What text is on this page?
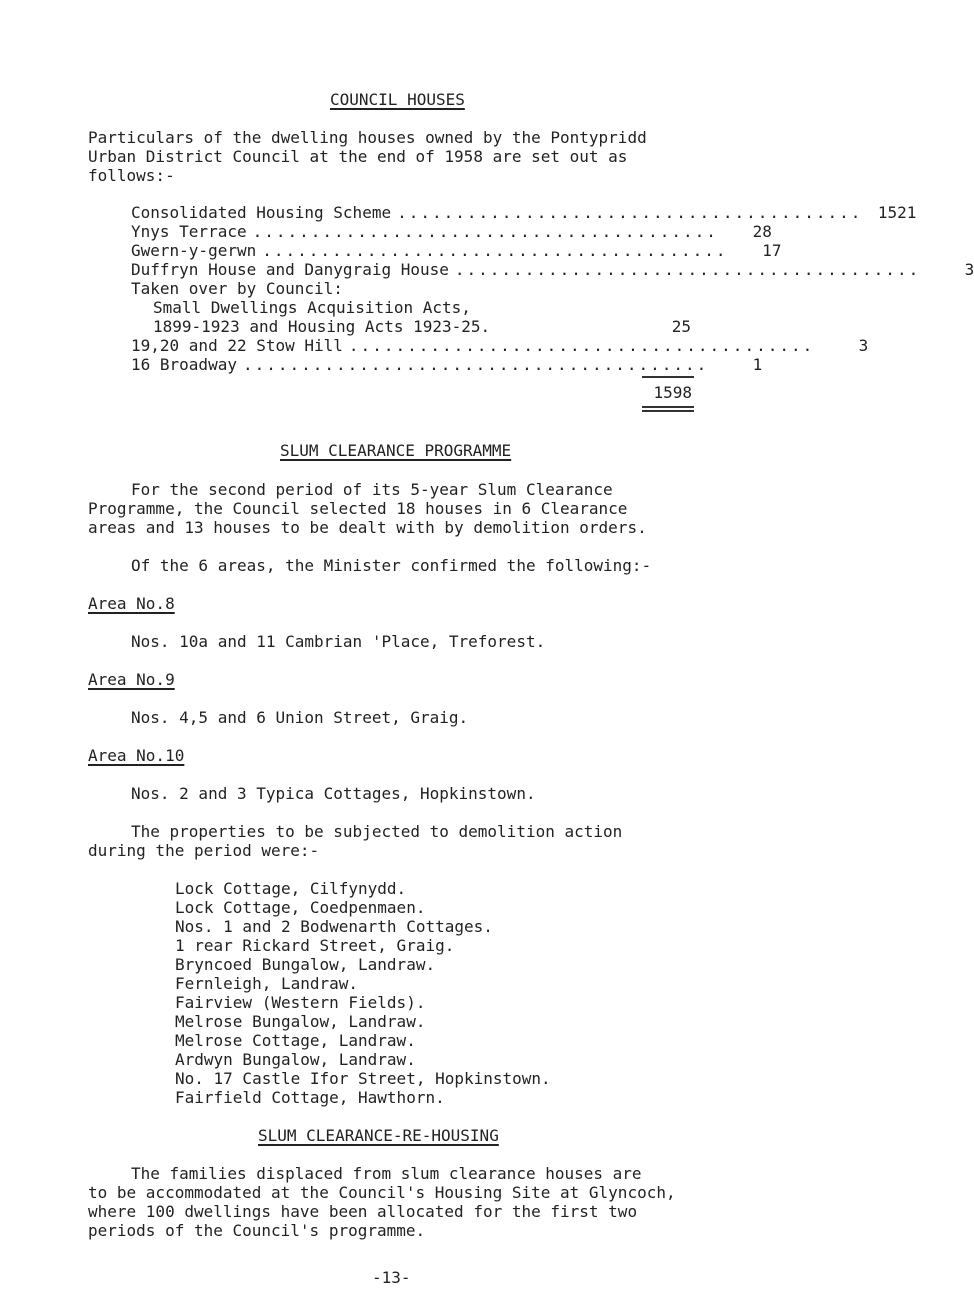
COUNCIL HOUSES
Particulars of the dwelling houses owned by the Pontypridd
Urban District Council at the end of 1958 are set out as
follows:-
Consolidated Housing Scheme ........................................ 1521
Ynys Terrace ........................................	28
Gwern-y-gerwn ........................................	17
Duffryn House and Danygraig House ........................................	3
Taken over by Council:
Small Dwellings Acquisition Acts,
1899-1923 and Housing Acts 1923-25.	25
19,20 and 22 Stow Hill ........................................	3
16 Broadway ........................................	1
1598
SLUM CLEARANCE PROGRAMME
For the second period of its 5-year Slum Clearance
Programme, the Council selected 18 houses in 6 Clearance
areas and 13 houses to be dealt with by demolition orders.
Of the 6 areas, the Minister confirmed the following:-
Area No.8
Nos. 10a and 11 Cambrian 'Place, Treforest.
Area No.9
Nos. 4,5 and 6 Union Street, Graig.
Area No.10
Nos. 2 and 3 Typica Cottages, Hopkinstown.
The properties to be subjected to demolition action
during the period were:-
Lock Cottage, Cilfynydd.
Lock Cottage, Coedpenmaen.
Nos. 1 and 2 Bodwenarth Cottages.
1 rear Rickard Street, Graig.
Bryncoed Bungalow, Landraw.
Fernleigh, Landraw.
Fairview (Western Fields).
Melrose Bungalow, Landraw.
Melrose Cottage, Landraw.
Ardwyn Bungalow, Landraw.
No. 17 Castle Ifor Street, Hopkinstown.
Fairfield Cottage, Hawthorn.
SLUM CLEARANCE-RE-HOUSING
The families displaced from slum clearance houses are
to be accommodated at the Council's Housing Site at Glyncoch,
where 100 dwellings have been allocated for the first two
periods of the Council's programme.
-13-
